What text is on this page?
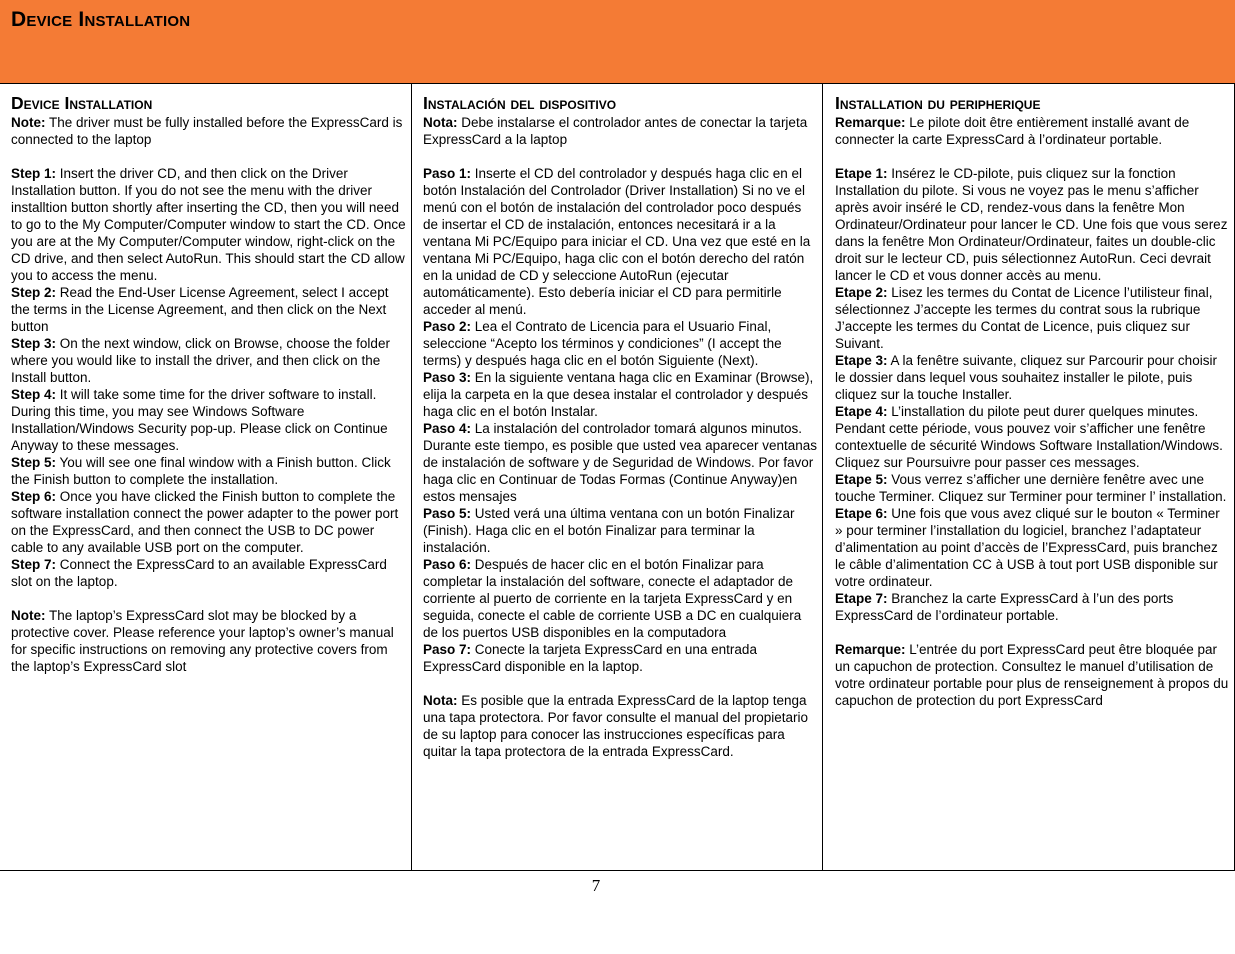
Device Installation
Device Installation

Note: The driver must be fully installed before the ExpressCard is connected to the laptop

Step 1: Insert the driver CD, and then click on the Driver Installation button. If you do not see the menu with the driver installtion button shortly after inserting the CD, then you will need to go to the My Computer/Computer window to start the CD. Once you are at the My Computer/Computer window, right-click on the CD drive, and then select AutoRun. This should start the CD allow you to access the menu.

Step 2: Read the End-User License Agreement, select I accept the terms in the License Agreement, and then click on the Next button

Step 3: On the next window, click on Browse, choose the folder where you would like to install the driver, and then click on the Install button.

Step 4: It will take some time for the driver software to install. During this time, you may see Windows Software Installation/Windows Security pop-up. Please click on Continue Anyway to these messages.

Step 5: You will see one final window with a Finish button. Click the Finish button to complete the installation.

Step 6: Once you have clicked the Finish button to complete the software installation connect the power adapter to the power port on the ExpressCard, and then connect the USB to DC power cable to any available USB port on the computer.

Step 7: Connect the ExpressCard to an available ExpressCard slot on the laptop.

Note: The laptop’s ExpressCard slot may be blocked by a protective cover. Please reference your laptop’s owner’s manual for specific instructions on removing any protective covers from the laptop’s ExpressCard slot

Instalación del dispositivo

Nota: Debe instalarse el controlador antes de conectar la tarjeta ExpressCard a la laptop

Paso 1: Inserte el CD del controlador y después haga clic en el botón Instalación del Controlador (Driver Installation) Si no ve el menú con el botón de instalación del controlador poco después de insertar el CD de instalación, entonces necesitará ir a la ventana Mi PC/Equipo para iniciar el CD. Una vez que esté en la ventana Mi PC/Equipo, haga clic con el botón derecho del ratón en la unidad de CD y seleccione AutoRun (ejecutar automáticamente). Esto debería iniciar el CD para permitirle acceder al menú.

Paso 2: Lea el Contrato de Licencia para el Usuario Final, seleccione “Acepto los términos y condiciones” (I accept the terms) y después haga clic en el botón Siguiente (Next).

Paso 3: En la siguiente ventana haga clic en Examinar (Browse), elija la carpeta en la que desea instalar el controlador y después haga clic en el botón Instalar.

Paso 4: La instalación del controlador tomará algunos minutos. Durante este tiempo, es posible que usted vea aparecer ventanas de instalación de software y de Seguridad de Windows. Por favor haga clic en Continuar de Todas Formas (Continue Anyway)en estos mensajes

Paso 5: Usted verá una última ventana con un botón Finalizar (Finish). Haga clic en el botón Finalizar para terminar la instalación.

Paso 6: Después de hacer clic en el botón Finalizar para completar la instalación del software, conecte el adaptador de corriente al puerto de corriente en la tarjeta ExpressCard y en seguida, conecte el cable de corriente USB a DC en cualquiera de los puertos USB disponibles en la computadora

Paso 7: Conecte la tarjeta ExpressCard en una entrada ExpressCard disponible en la laptop.

Nota: Es posible que la entrada ExpressCard de la laptop tenga una tapa protectora. Por favor consulte el manual del propietario de su laptop para conocer las instrucciones específicas para quitar la tapa protectora de la entrada ExpressCard.

Installation du peripherique

Remarque: Le pilote doit être entièrement installé avant de connecter la carte ExpressCard à l’ordinateur portable.

Etape 1: Insérez le CD-pilote, puis cliquez sur la fonction Installation du pilote. Si vous ne voyez pas le menu s’afficher après avoir inséré le CD, rendez-vous dans la fenêtre Mon Ordinateur/Ordinateur pour lancer le CD. Une fois que vous serez dans la fenêtre Mon Ordinateur/Ordinateur, faites un double-clic droit sur le lecteur CD, puis sélectionnez AutoRun. Ceci devrait lancer le CD et vous donner accès au menu.

Etape 2: Lisez les termes du Contat de Licence l’utilisteur final, sélectionnez J’accepte les termes du contrat sous la rubrique J’accepte les termes du Contat de Licence, puis cliquez sur Suivant.

Etape 3: A la fenêtre suivante, cliquez sur Parcourir pour choisir le dossier dans lequel vous souhaitez installer le pilote, puis cliquez sur la touche Installer.

Etape 4: L’installation du pilote peut durer quelques minutes. Pendant cette période, vous pouvez voir s’afficher une fenêtre contextuelle de sécurité Windows Software Installation/Windows. Cliquez sur Poursuivre pour passer ces messages.

Etape 5: Vous verrez s’afficher une dernière fenêtre avec une touche Terminer. Cliquez sur Terminer pour terminer l’ installation.

Etape 6: Une fois que vous avez cliqué sur le bouton « Terminer » pour terminer l’installation du logiciel, branchez l’adaptateur d’alimentation au point d’accès de l’ExpressCard, puis branchez le câble d’alimentation CC à USB à tout port USB disponible sur votre ordinateur.

Etape 7: Branchez la carte ExpressCard à l’un des ports ExpressCard de l’ordinateur portable.

Remarque: L’entrée du port ExpressCard peut être bloquée par un capuchon de protection. Consultez le manuel d’utilisation de votre ordinateur portable pour plus de renseignement à propos du capuchon de protection du port ExpressCard

7
